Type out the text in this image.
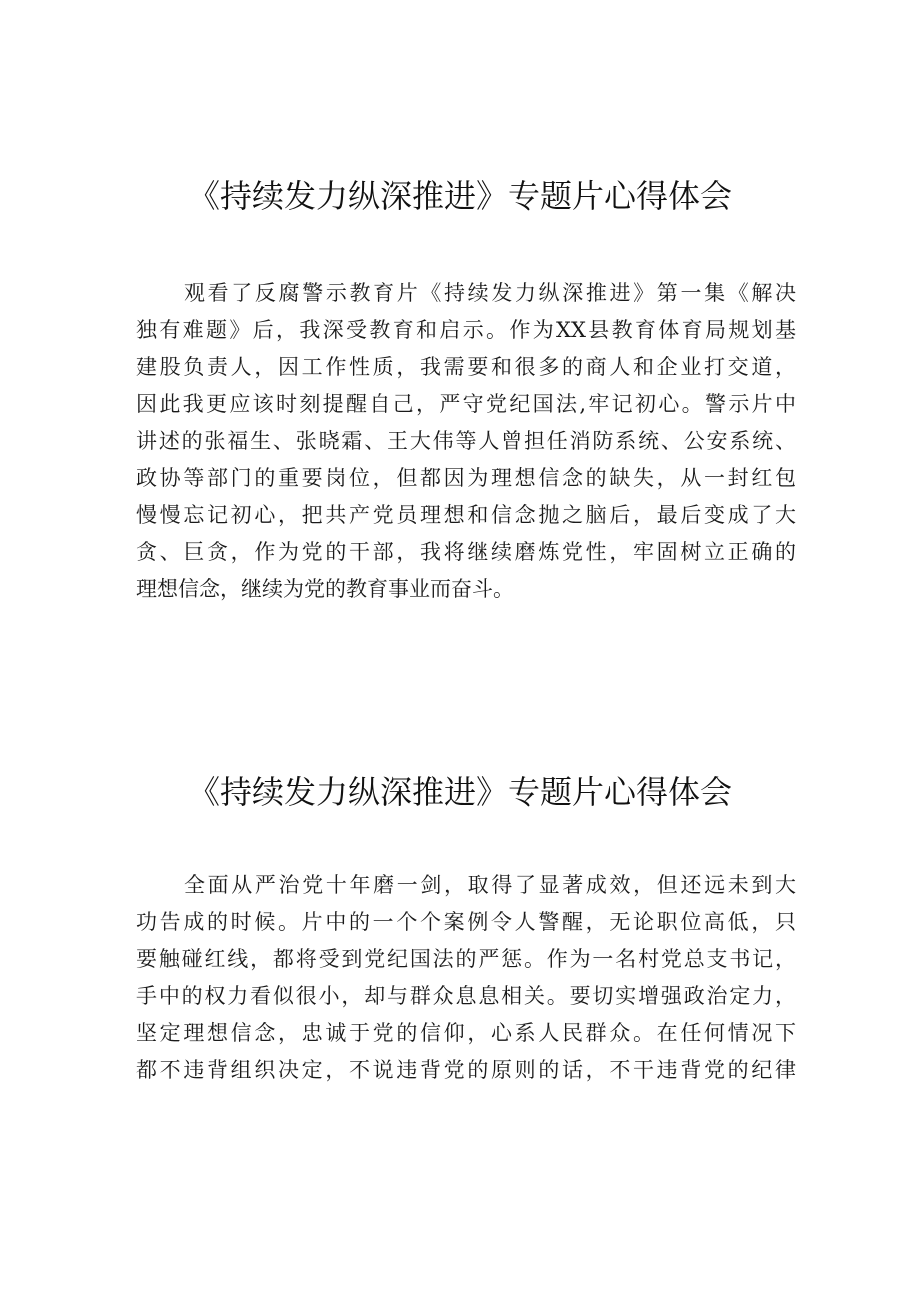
《持续发力纵深推进》专题片心得体会
观看了反腐警示教育片《持续发力纵深推进》第一集《解决
独有难题》后，我深受教育和启示。作为XX县教育体育局规划基
建股负责人，因工作性质，我需要和很多的商人和企业打交道，
因此我更应该时刻提醒自己，严守党纪国法,牢记初心。警示片中
讲述的张福生、张晓霜、王大伟等人曾担任消防系统、公安系统、
政协等部门的重要岗位，但都因为理想信念的缺失，从一封红包
慢慢忘记初心，把共产党员理想和信念抛之脑后，最后变成了大
贪、巨贪，作为党的干部，我将继续磨炼党性，牢固树立正确的
理想信念，继续为党的教育事业而奋斗。
《持续发力纵深推进》专题片心得体会
全面从严治党十年磨一剑，取得了显著成效，但还远未到大
功告成的时候。片中的一个个案例令人警醒，无论职位高低，只
要触碰红线，都将受到党纪国法的严惩。作为一名村党总支书记，
手中的权力看似很小，却与群众息息相关。要切实增强政治定力，
坚定理想信念，忠诚于党的信仰，心系人民群众。在任何情况下
都不违背组织决定，不说违背党的原则的话，不干违背党的纪律
